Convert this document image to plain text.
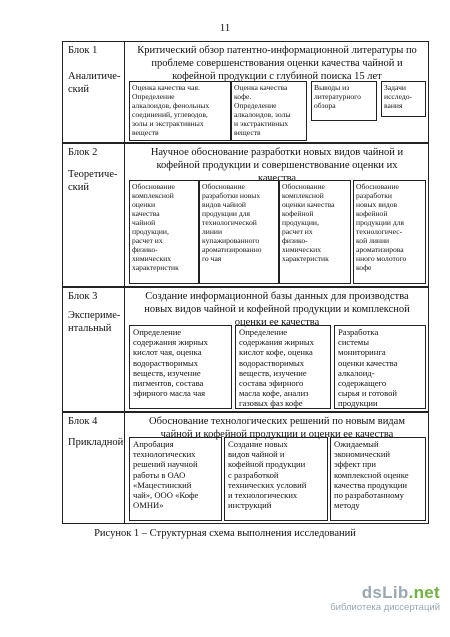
11
Блок 1
Аналитиче-
ский
Критический обзор патентно-информационной литературы по
проблеме совершенствования оценки качества чайной и
кофейной продукции с глубиной поиска 15 лет
Оценка качества чая.
Определение
алкалоидов, фенольных
соединений, углеводов,
золы и экстрактивных
веществ
Оценка качества
кофе.
Определение
алкалоидов, золы
и экстрактивных
веществ
Выводы из
литературного
обзора
Задачи
исследо-
вания
Блок 2
Теоретиче-
ский
Научное обоснование разработки новых видов чайной и
кофейной продукции и совершенствование оценки их
качества
Обоснование
комплексной
оценки
качества
чайной
продукции,
расчет их
физико-
химических
характеристик
Обоснование
разработки новых
видов чайной
продукции для
технологической
линии
купажированного
ароматизированно
го чая
Обоснование
комплексной
оценки качества
кофейной
продукции,
расчет их
физико-
химических
характеристик
Обоснование
разработки
новых видов
кофейной
продукции для
технологичес-
кой линии
ароматизирова
нного молотого
кофе
Блок 3
Экспериме-
нтальный
Создание информационной базы данных для производства
новых видов чайной и кофейной продукции и комплексной
оценки ее качества
Определение
содержания жирных
кислот чая, оценка
водорастворимых
веществ, изучение
пигментов, состава
эфирного масла чая
Определение
содержания жирных
кислот кофе, оценка
водорастворимых
веществ, изучение
состава эфирного
масла кофе, анализ
газовых фаз кофе
Разработка
системы
мониторинга
оценки качества
алкалоид-
содержащего
сырья и готовой
продукции
Блок 4
Прикладной
Обоснование технологических решений по новым видам
чайной и кофейной продукции и оценки ее качества
Апробация
технологических
решений научной
работы в ОАО
«Мацестинский
чай», ООО «Кофе
ОМНИ»
Создание новых
видов чайной и
кофейной продукции
с разработкой
технических условий
и технологических
инструкций
Ожидаемый
экономический
эффект при
комплексной оценке
качества продукции
по разработанному
методу
Рисунок 1 – Структурная схема выполнения исследований
dsLib.net
библиотека диссертаций
